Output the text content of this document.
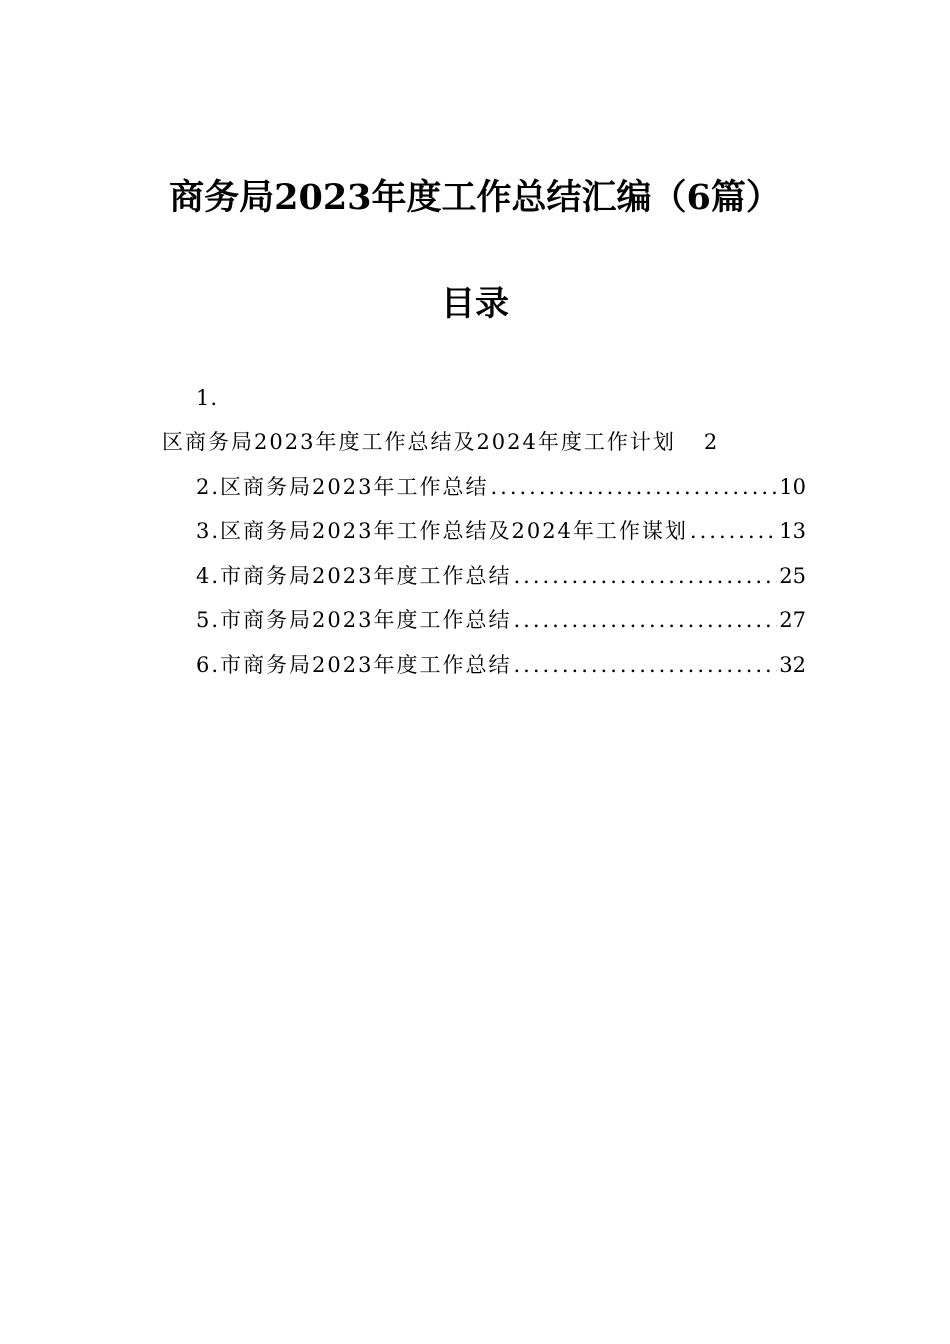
商务局2023年度工作总结汇编（6篇）
目录
1.
区商务局2023年度工作总结及2024年度工作计划 2
2.区商务局2023年工作总结 .....	10
3.区商务局2023年工作总结及2024年工作谋划 .....	13
4.市商务局2023年度工作总结 .....	25
5.市商务局2023年度工作总结 .....	27
6.市商务局2023年度工作总结 .....	32
